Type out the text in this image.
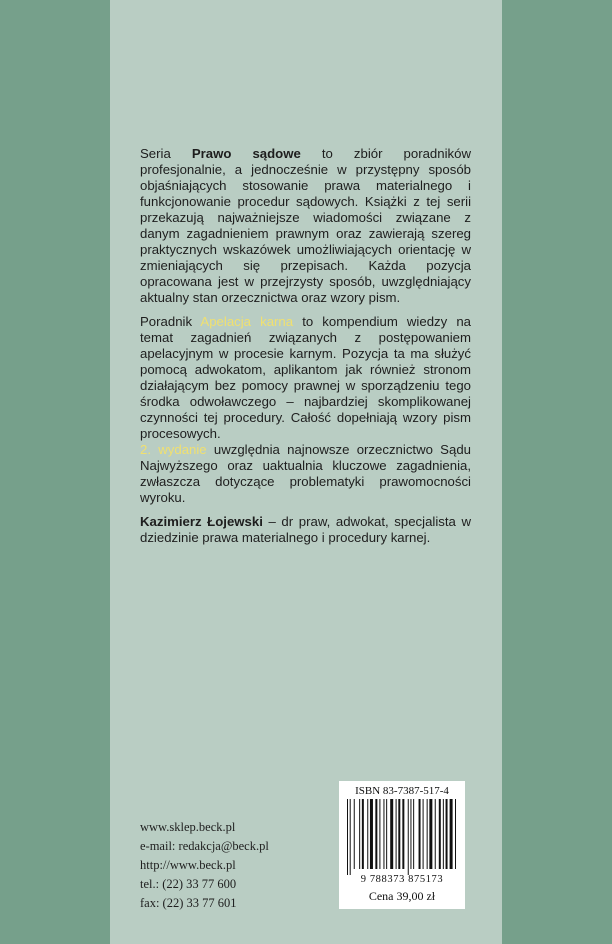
Seria Prawo sądowe to zbiór poradników profesjonalnie, a jednocześnie w przystępny sposób objaśniających stosowanie prawa materialnego i funkcjonowanie procedur sądowych. Książki z tej serii przekazują najważniejsze wiadomości związane z danym zagadnieniem prawnym oraz zawierają szereg praktycznych wskazówek umożliwiających orientację w zmieniających się przepisach. Każda pozycja opracowana jest w przejrzysty sposób, uwzględniający aktualny stan orzecznictwa oraz wzory pism.

Poradnik Apelacja karna to kompendium wiedzy na temat zagadnień związanych z postępowaniem apelacyjnym w procesie karnym. Pozycja ta ma służyć pomocą adwokatom, aplikantom jak również stronom działającym bez pomocy prawnej w sporządzeniu tego środka odwoławczego – najbardziej skomplikowanej czynności tej procedury. Całość dopełniają wzory pism procesowych.
2. wydanie uwzględnia najnowsze orzecznictwo Sądu Najwyższego oraz uaktualnia kluczowe zagadnienia, zwłaszcza dotyczące problematyki prawomocności wyroku.

Kazimierz Łojewski – dr praw, adwokat, specjalista w dziedzinie prawa materialnego i procedury karnej.

www.sklep.beck.pl
e-mail: redakcja@beck.pl
http://www.beck.pl
tel.: (22) 33 77 600
fax: (22) 33 77 601
ISBN 83-7387-517-4
9 788373 875173
Cena 39,00 zł
